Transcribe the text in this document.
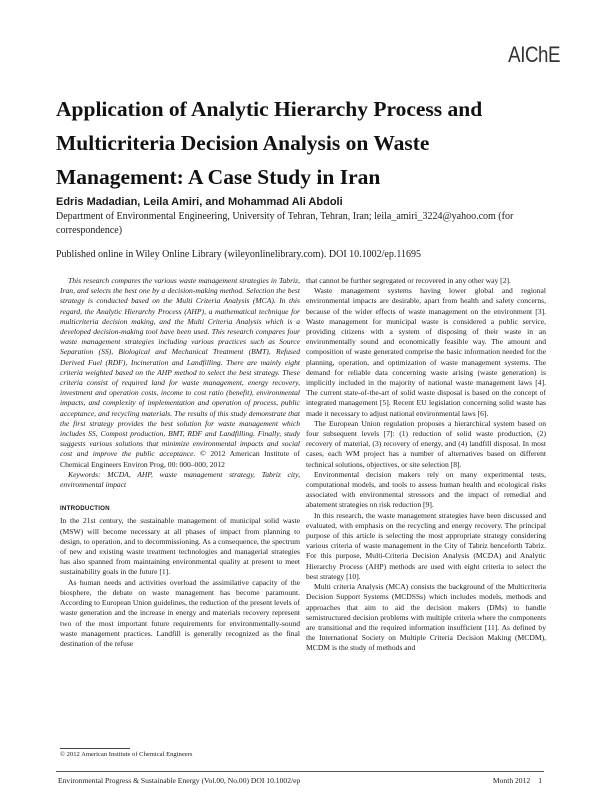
AIChE
Application of Analytic Hierarchy Process and Multicriteria Decision Analysis on Waste Management: A Case Study in Iran
Edris Madadian, Leila Amiri, and Mohammad Ali Abdoli
Department of Environmental Engineering, University of Tehran, Tehran, Iran; leila_amiri_3224@yahoo.com (for correspondence)
Published online in Wiley Online Library (wileyonlinelibrary.com). DOI 10.1002/ep.11695

This research compares the various waste management strategies in Tabriz, Iran, and selects the best one by a decision-making method. Selection the best strategy is conducted based on the Multi Criteria Analysis (MCA). In this regard, the Analytic Hierarchy Process (AHP), a mathematical technique for multicriteria decision making, and the Multi Criteria Analysis which is a developed decision-making tool have been used. This research compares four waste management strategies including various practices such as Source Separation (SS), Biological and Mechanical Treatment (BMT), Refused Derived Fuel (RDF), Incineration and Landfilling. There are mainly eight criteria weighted based on the AHP method to select the best strategy. These criteria consist of required land for waste management, energy recovery, investment and operation costs, income to cost ratio (benefit), environmental impacts, and complexity of implementation and operation of process, public acceptance, and recycling materials. The results of this study demonstrate that the first strategy provides the best solution for waste management which includes SS, Compost production, BMT, RDF and Landfilling. Finally, study suggests various solutions that minimize environmental impacts and social cost and improve the public acceptance. © 2012 American Institute of Chemical Engineers Environ Prog, 00: 000–000, 2012

Keywords: MCDA, AHP, waste management strategy, Tabriz city, environmental impact

INTRODUCTION

In the 21st century, the sustainable management of municipal solid waste (MSW) will become necessary at all phases of impact from planning to design, to operation, and to decommissioning. As a consequence, the spectrum of new and existing waste treatment technologies and managerial strategies has also spanned from maintaining environmental quality at present to meet sustainability goals in the future [1].

As human needs and activities overload the assimilative capacity of the biosphere, the debate on waste management has become paramount. According to European Union guidelines, the reduction of the present levels of waste generation and the increase in energy and materials recovery represent two of the most important future requirements for environmentally-sound waste management practices. Landfill is generally recognized as the final destination of the refuse

that cannot be further segregated or recovered in any other way [2].

Waste management systems having lower global and regional environmental impacts are desirable, apart from health and safety concerns, because of the wider effects of waste management on the environment [3]. Waste management for municipal waste is considered a public service, providing citizens with a system of disposing of their waste in an environmentally sound and economically feasible way. The amount and composition of waste generated comprise the basic information needed for the planning, operation, and optimization of waste management systems. The demand for reliable data concerning waste arising (waste generation) is implicitly included in the majority of national waste management laws [4]. The current state-of-the-art of solid waste disposal is based on the concept of integrated management [5]. Recent EU legislation concerning solid waste has made it necessary to adjust national environmental laws [6].

The European Union regulation proposes a hierarchical system based on four subsequent levels [7]: (1) reduction of solid waste production, (2) recovery of material, (3) recovery of energy, and (4) landfill disposal. In most cases, each WM project has a number of alternatives based on different technical solutions, objectives, or site selection [8].

Environmental decision makers rely on many experimental tests, computational models, and tools to assess human health and ecological risks associated with environmental stressors and the impact of remedial and abatement strategies on risk reduction [9].

In this research, the waste management strategies have been discussed and evaluated, with emphasis on the recycling and energy recovery. The principal purpose of this article is selecting the most appropriate strategy considering various criteria of waste management in the City of Tabriz henceforth Tabriz. For this purpose, Multi-Criteria Decision Analysis (MCDA) and Analytic Hierarchy Process (AHP) methods are used with eight criteria to select the best strategy [10].

Multi criteria Analysis (MCA) consists the background of the Multicriteria Decision Support Systems (MCDSSs) which includes models, methods and approaches that aim to aid the decision makers (DMs) to handle semistructured decision problems with multiple criteria where the components are transitional and the required information insufficient [11]. As defined by the International Society on Multiple Criteria Decision Making (MCDM), MCDM is the study of methods and

© 2012 American Institute of Chemical Engineers
Environmental Progress & Sustainable Energy (Vol.00, No.00) DOI 10.1002/ep	Month 2012 1
